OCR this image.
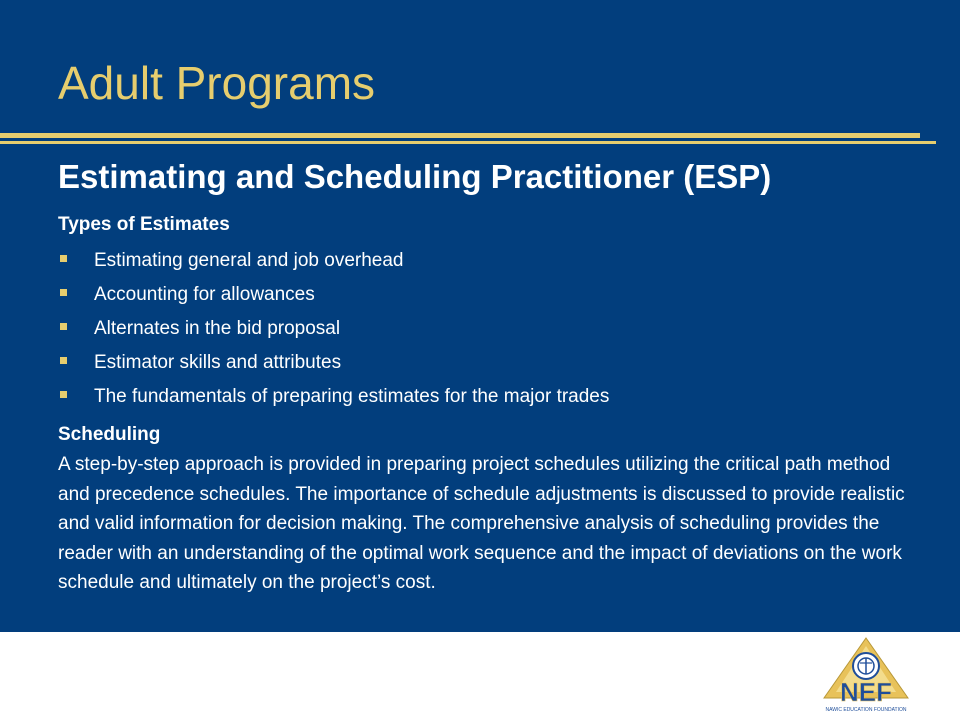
Adult Programs
Estimating and Scheduling Practitioner (ESP)
Types of Estimates
Estimating general and job overhead
Accounting for allowances
Alternates in the bid proposal
Estimator skills and attributes
The fundamentals of preparing estimates for the major trades
Scheduling
A step-by-step approach is provided in preparing project schedules utilizing the critical path method and precedence schedules. The importance of schedule adjustments is discussed to provide realistic and valid information for decision making. The comprehensive analysis of scheduling provides the reader with an understanding of the optimal work sequence and the impact of deviations on the work schedule and ultimately on the project’s cost.
NEF
NAWIC EDUCATION FOUNDATION
